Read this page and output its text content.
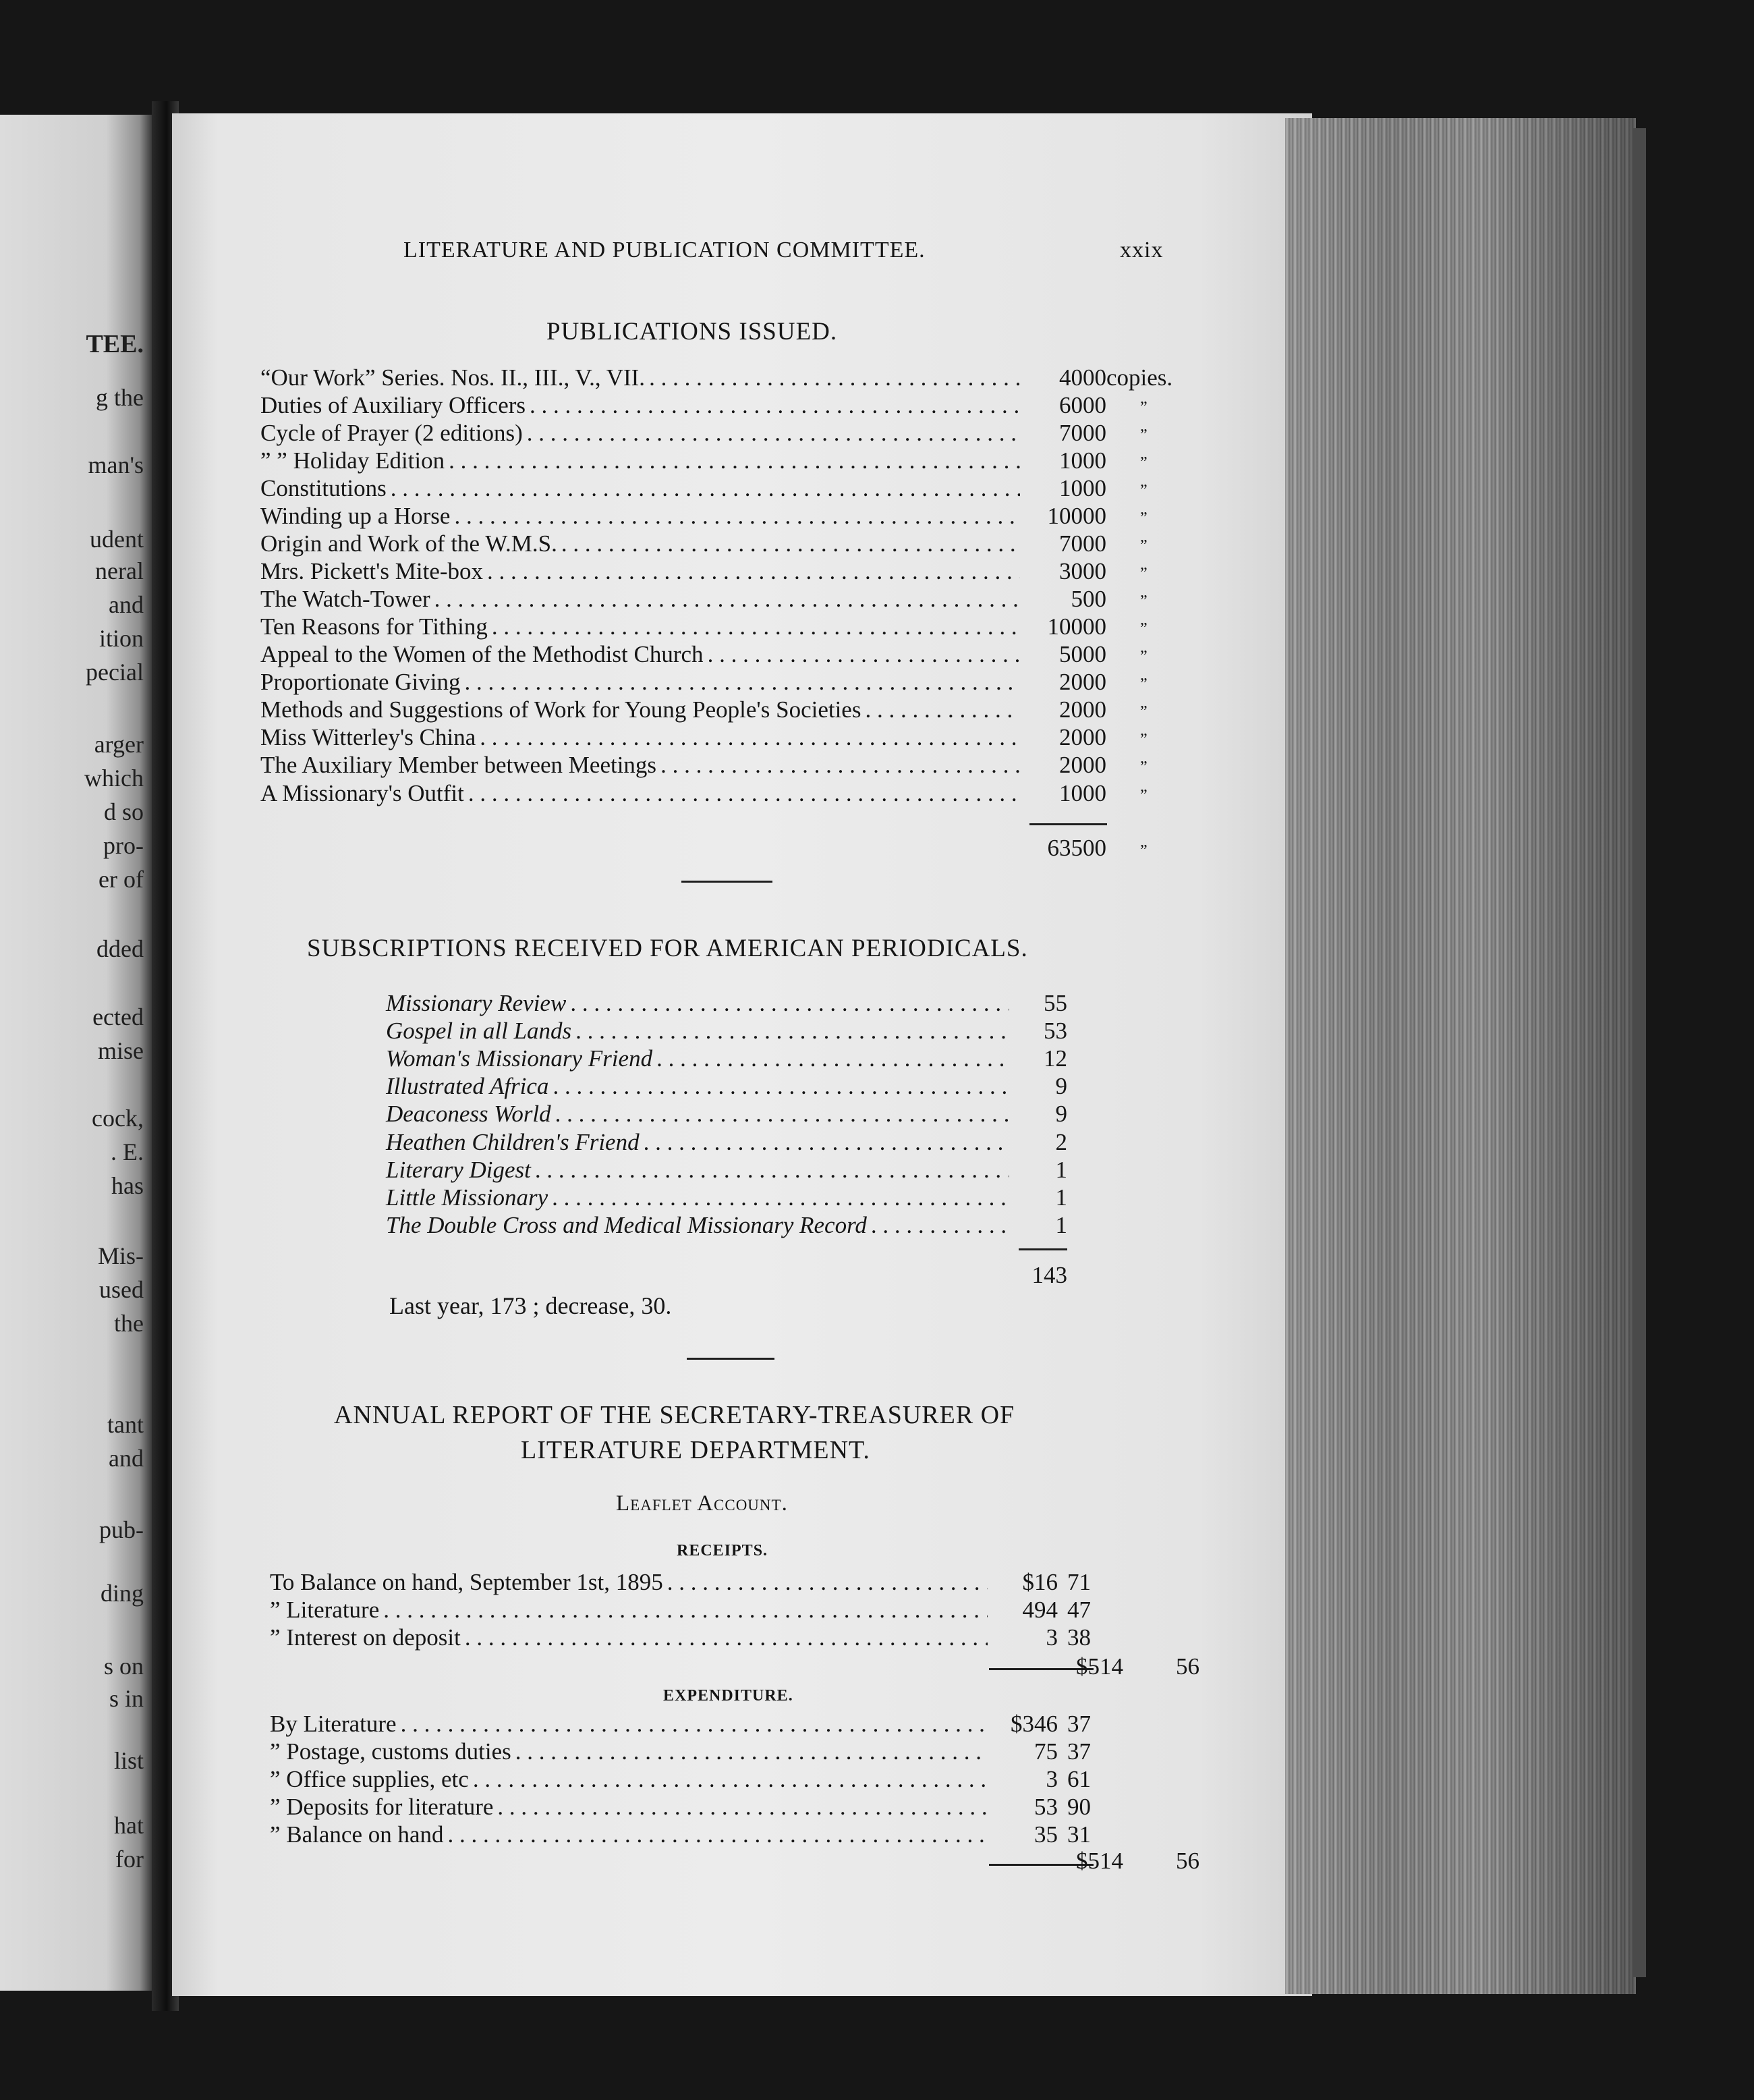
TEE.
g the
man's
udent
neral
and
ition
pecial
arger
which
d so
pro-
er of
dded
ected
mise
cock,
. E.
has
Mis-
used
the
tant
and
pub-
ding
s on
s in
list
hat
for
LITERATURE AND PUBLICATION COMMITTEE.	xxix
PUBLICATIONS ISSUED.
“Our Work” Series. Nos. II., III., V., VII. . . .	4000 copies.
Duties of Auxiliary Officers . . .	6000 ”
Cycle of Prayer (2 editions) . . .	7000 ”
” ” Holiday Edition . . .	1000 ”
Constitutions . . .	1000 ”
Winding up a Horse . . .	10000 ”
Origin and Work of the W.M.S. . . .	7000 ”
Mrs. Pickett's Mite-box . . .	3000 ”
The Watch-Tower . . .	500 ”
Ten Reasons for Tithing . . .	10000 ”
Appeal to the Women of the Methodist Church . . .	5000 ”
Proportionate Giving . . .	2000 ”
Methods and Suggestions of Work for Young People's Societies . . .	2000 ”
Miss Witterley's China . . .	2000 ”
The Auxiliary Member between Meetings . . .	2000 ”
A Missionary's Outfit . . .	1000 ”
63500 ”
SUBSCRIPTIONS RECEIVED FOR AMERICAN PERIODICALS.
Missionary Review . . .	55
Gospel in all Lands . . .	53
Woman's Missionary Friend . . .	12
Illustrated Africa . . .	9
Deaconess World . . .	9
Heathen Children's Friend . . .	2
Literary Digest . . .	1
Little Missionary . . .	1
The Double Cross and Medical Missionary Record . . .	1
143
Last year, 173 ; decrease, 30.
ANNUAL REPORT OF THE SECRETARY-TREASURER OF
LITERATURE DEPARTMENT.
Leaflet Account.
RECEIPTS.
To Balance on hand, September 1st, 1895 . . .	$16 71
” Literature . . .	494 47
” Interest on deposit . . .	3 38
$514 56
EXPENDITURE.
By Literature . . .	$346 37
” Postage, customs duties . . .	75 37
” Office supplies, etc . . .	3 61
” Deposits for literature . . .	53 90
” Balance on hand . . .	35 31
$514 56
